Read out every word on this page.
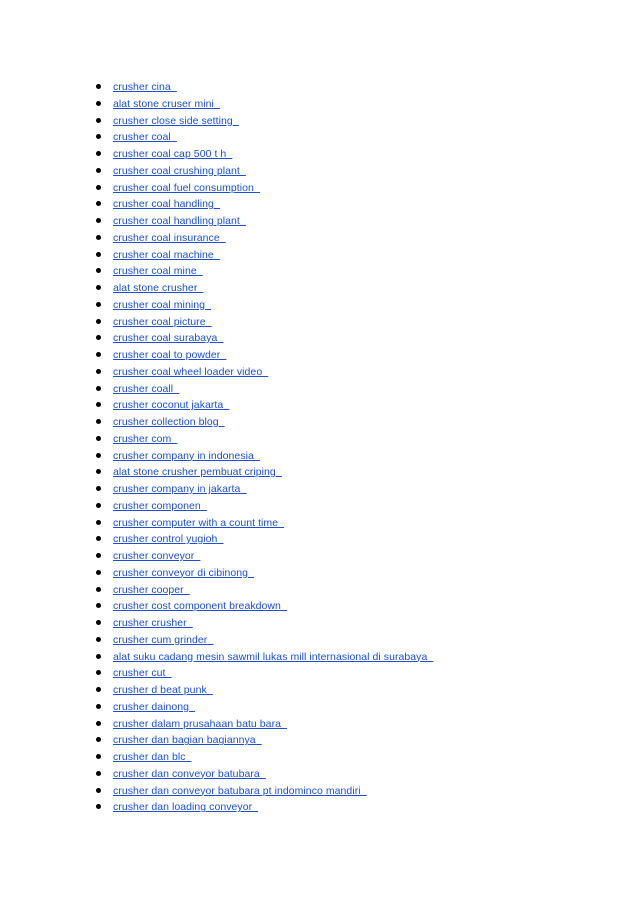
crusher cina
alat stone cruser mini
crusher close side setting
crusher coal
crusher coal cap 500 t h
crusher coal crushing plant
crusher coal fuel consumption
crusher coal handling
crusher coal handling plant
crusher coal insurance
crusher coal machine
crusher coal mine
alat stone crusher
crusher coal mining
crusher coal picture
crusher coal surabaya
crusher coal to powder
crusher coal wheel loader video
crusher coall
crusher coconut jakarta
crusher collection blog
crusher com
crusher company in indonesia
alat stone crusher pembuat criping
crusher company in jakarta
crusher componen
crusher computer with a count time
crusher control yugioh
crusher conveyor
crusher conveyor di cibinong
crusher cooper
crusher cost component breakdown
crusher crusher
crusher cum grinder
alat suku cadang mesin sawmil lukas mill internasional di surabaya
crusher cut
crusher d beat punk
crusher dainong
crusher dalam prusahaan batu bara
crusher dan bagian bagiannya
crusher dan blc
crusher dan conveyor batubara
crusher dan conveyor batubara pt indominco mandiri
crusher dan loading conveyor
